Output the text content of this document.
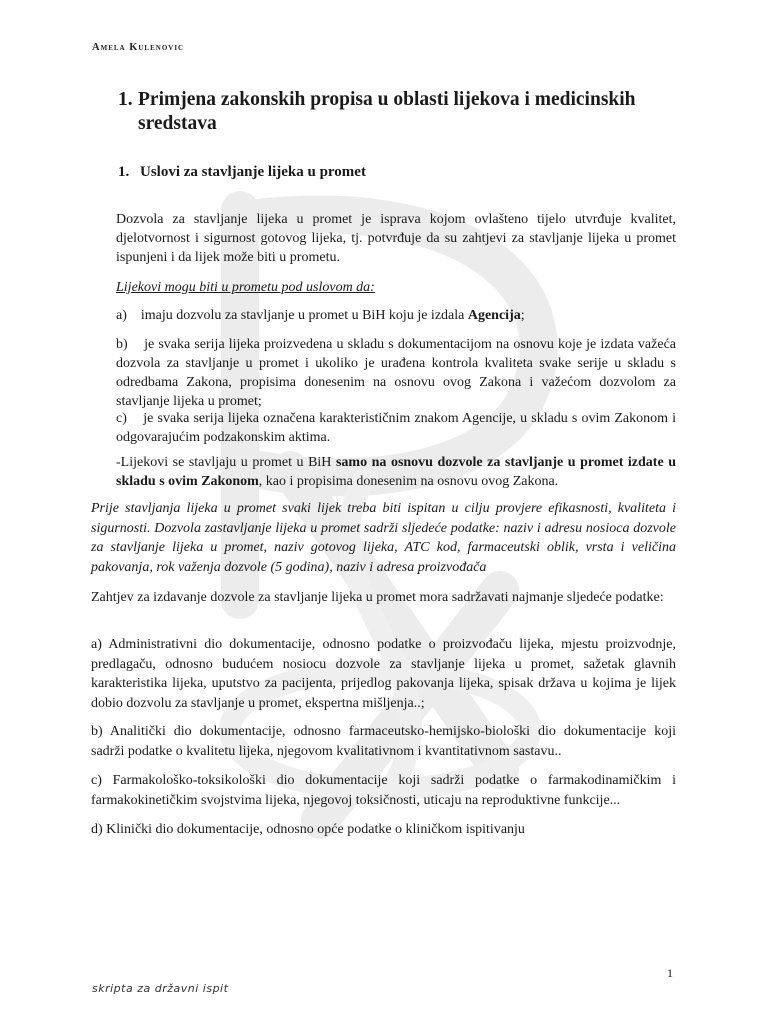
Amela Kulenovic
1. Primjena zakonskih propisa u oblasti lijekova i medicinskih sredstava
1. Uslovi za stavljanje lijeka u promet
Dozvola za stavljanje lijeka u promet je isprava kojom ovlašteno tijelo utvrđuje kvalitet, djelotvornost i sigurnost gotovog lijeka, tj. potvrđuje da su zahtjevi za stavljanje lijeka u promet ispunjeni i da lijek može biti u prometu.
Lijekovi mogu biti u prometu pod uslovom da:
a)    imaju dozvolu za stavljanje u promet u BiH koju je izdala Agencija;
b)    je svaka serija lijeka proizvedena u skladu s dokumentacijom na osnovu koje je izdata važeća dozvola za stavljanje u promet i ukoliko je urađena kontrola kvaliteta svake serije u skladu s odredbama Zakona, propisima donesenim na osnovu ovog Zakona i važećom dozvolom za stavljanje lijeka u promet;
c)    je svaka serija lijeka označena karakterističnim znakom Agencije, u skladu s ovim Zakonom i odgovarajućim podzakonskim aktima.
-Lijekovi se stavljaju u promet u BiH samo na osnovu dozvole za stavljanje u promet izdate u skladu s ovim Zakonom, kao i propisima donesenim na osnovu ovog Zakona.
Prije stavljanja lijeka u promet svaki lijek treba biti ispitan u cilju provjere efikasnosti, kvaliteta i sigurnosti. Dozvola zastavljanje lijeka u promet sadrži sljedeće podatke: naziv i adresu nosioca dozvole za stavljanje lijeka u promet, naziv gotovog lijeka, ATC kod, farmaceutski oblik, vrsta i veličina pakovanja, rok važenja dozvole (5 godina), naziv i adresa proizvođača
Zahtjev za izdavanje dozvole za stavljanje lijeka u promet mora sadržavati najmanje sljedeće podatke:
a) Administrativni dio dokumentacije, odnosno podatke o proizvođaču lijeka, mjestu proizvodnje, predlagaču, odnosno budućem nosiocu dozvole za stavljanje lijeka u promet, sažetak glavnih karakteristika lijeka, uputstvo za pacijenta, prijedlog pakovanja lijeka, spisak država u kojima je lijek dobio dozvolu za stavljanje u promet, ekspertna mišljenja..;
b) Analitički dio dokumentacije, odnosno farmaceutsko-hemijsko-biološki dio dokumentacije koji sadrži podatke o kvalitetu lijeka, njegovom kvalitativnom i kvantitativnom sastavu..
c) Farmakološko-toksikološki dio dokumentacije koji sadrži podatke o farmakodinamičkim i farmakokinetičkim svojstvima lijeka, njegovoj toksičnosti, uticaju na reproduktivne funkcije...
d) Klinički dio dokumentacije, odnosno opće podatke o kliničkom ispitivanju
1
skripta za državni ispit
